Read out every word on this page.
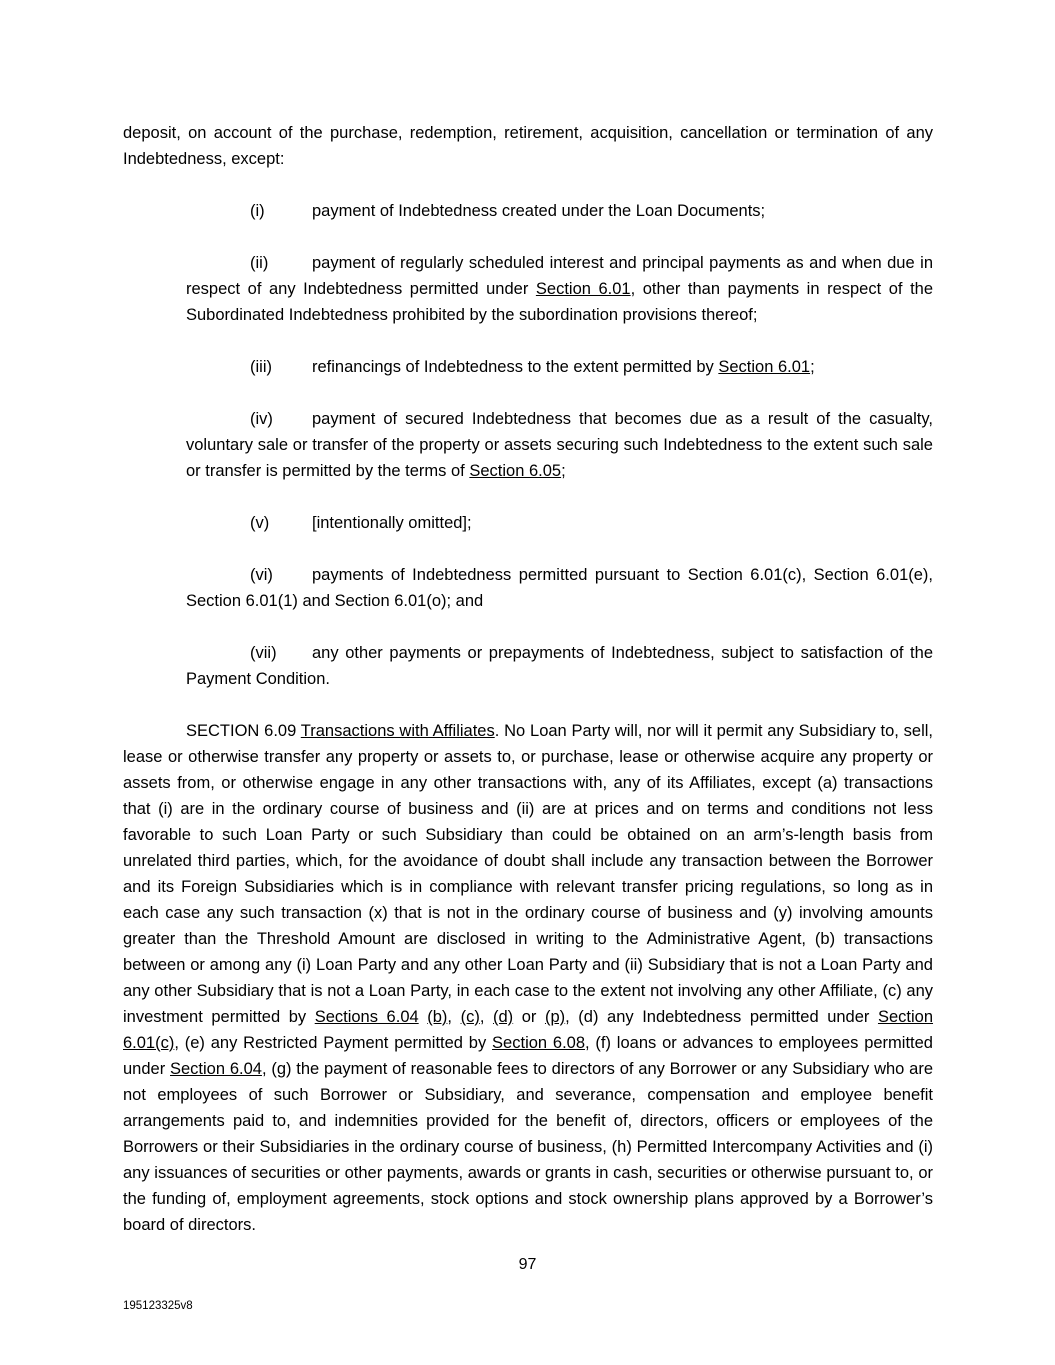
deposit, on account of the purchase, redemption, retirement, acquisition, cancellation or termination of any Indebtedness, except:

(i)	payment of Indebtedness created under the Loan Documents;

(ii)	payment of regularly scheduled interest and principal payments as and when due in respect of any Indebtedness permitted under Section 6.01, other than payments in respect of the Subordinated Indebtedness prohibited by the subordination provisions thereof;

(iii) refinancings of Indebtedness to the extent permitted by Section 6.01;

(iv) payment of secured Indebtedness that becomes due as a result of the casualty, voluntary sale or transfer of the property or assets securing such Indebtedness to the extent such sale or transfer is permitted by the terms of Section 6.05;

(v)	[intentionally omitted];

(vi) payments of Indebtedness permitted pursuant to Section 6.01(c), Section 6.01(e), Section 6.01(1) and Section 6.01(o); and

(vii) any other payments or prepayments of Indebtedness, subject to satisfaction of the Payment Condition.

SECTION 6.09 Transactions with Affiliates. No Loan Party will, nor will it permit any Subsidiary to, sell, lease or otherwise transfer any property or assets to, or purchase, lease or otherwise acquire any property or assets from, or otherwise engage in any other transactions with, any of its Affiliates, except (a) transactions that (i) are in the ordinary course of business and (ii) are at prices and on terms and conditions not less favorable to such Loan Party or such Subsidiary than could be obtained on an arm’s-length basis from unrelated third parties, which, for the avoidance of doubt shall include any transaction between the Borrower and its Foreign Subsidiaries which is in compliance with relevant transfer pricing regulations, so long as in each case any such transaction (x) that is not in the ordinary course of business and (y) involving amounts greater than the Threshold Amount are disclosed in writing to the Administrative Agent, (b) transactions between or among any (i) Loan Party and any other Loan Party and (ii) Subsidiary that is not a Loan Party and any other Subsidiary that is not a Loan Party, in each case to the extent not involving any other Affiliate, (c) any investment permitted by Sections 6.04 (b), (c), (d) or (p), (d) any Indebtedness permitted under Section 6.01(c), (e) any Restricted Payment permitted by Section 6.08, (f) loans or advances to employees permitted under Section 6.04, (g) the payment of reasonable fees to directors of any Borrower or any Subsidiary who are not employees of such Borrower or Subsidiary, and severance, compensation and employee benefit arrangements paid to, and indemnities provided for the benefit of, directors, officers or employees of the Borrowers or their Subsidiaries in the ordinary course of business, (h) Permitted Intercompany Activities and (i) any issuances of securities or other payments, awards or grants in cash, securities or otherwise pursuant to, or the funding of, employment agreements, stock options and stock ownership plans approved by a Borrower’s board of directors.

97
195123325v8
